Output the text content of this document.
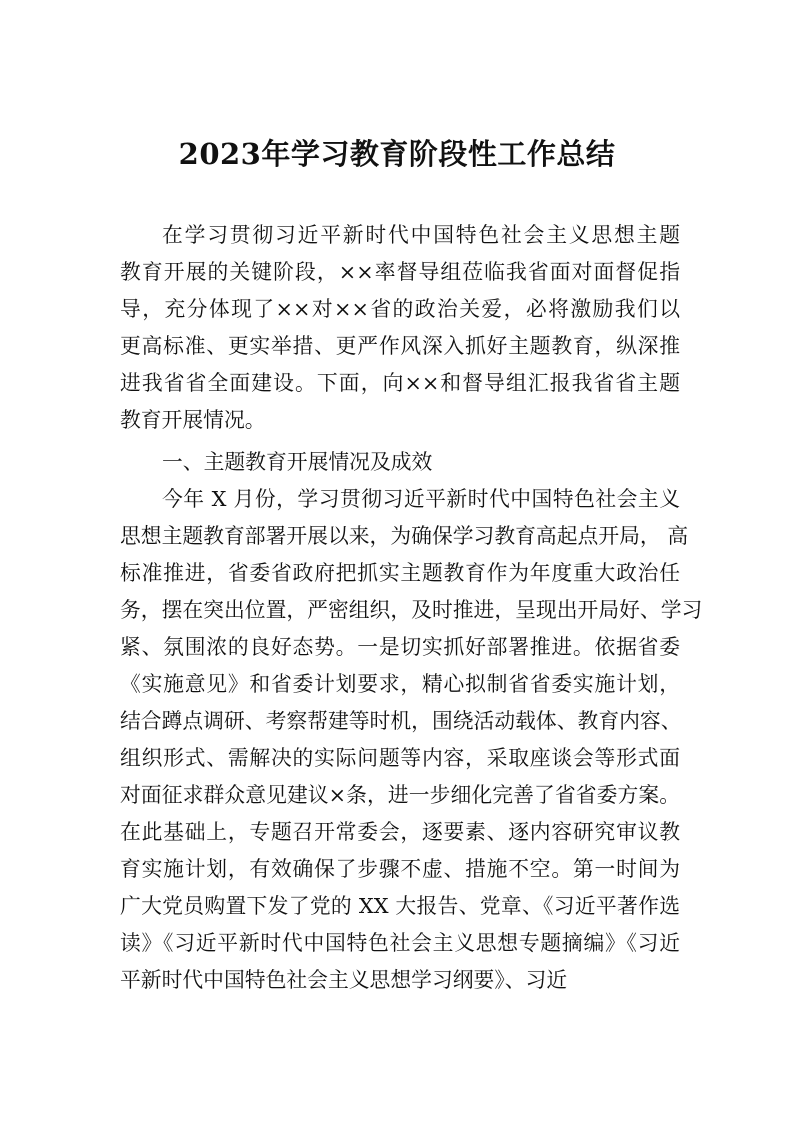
2023年学习教育阶段性工作总结
在学习贯彻习近平新时代中国特色社会主义思想主题
教育开展的关键阶段，××率督导组莅临我省面对面督促指
导，充分体现了××对××省的政治关爱，必将激励我们以
更高标准、更实举措、更严作风深入抓好主题教育，纵深推
进我省省全面建设。下面，向××和督导组汇报我省省主题
教育开展情况。
一、主题教育开展情况及成效
今年 X 月份，学习贯彻习近平新时代中国特色社会主义
思想主题教育部署开展以来，为确保学习教育高起点开局， 高
标准推进，省委省政府把抓实主题教育作为年度重大政治任
务，摆在突出位置，严密组织，及时推进，呈现出开局好、学习
紧、氛围浓的良好态势。一是切实抓好部署推进。依据省委
《实施意见》和省委计划要求，精心拟制省省委实施计划，
结合蹲点调研、考察帮建等时机，围绕活动载体、教育内容、
组织形式、需解决的实际问题等内容，采取座谈会等形式面
对面征求群众意见建议×条，进一步细化完善了省省委方案。
在此基础上，专题召开常委会，逐要素、逐内容研究审议教
育实施计划，有效确保了步骤不虚、措施不空。第一时间为
广大党员购置下发了党的 XX 大报告、党章、《习近平著作选
读》《习近平新时代中国特色社会主义思想专题摘编》《习近
平新时代中国特色社会主义思想学习纲要》、习近
